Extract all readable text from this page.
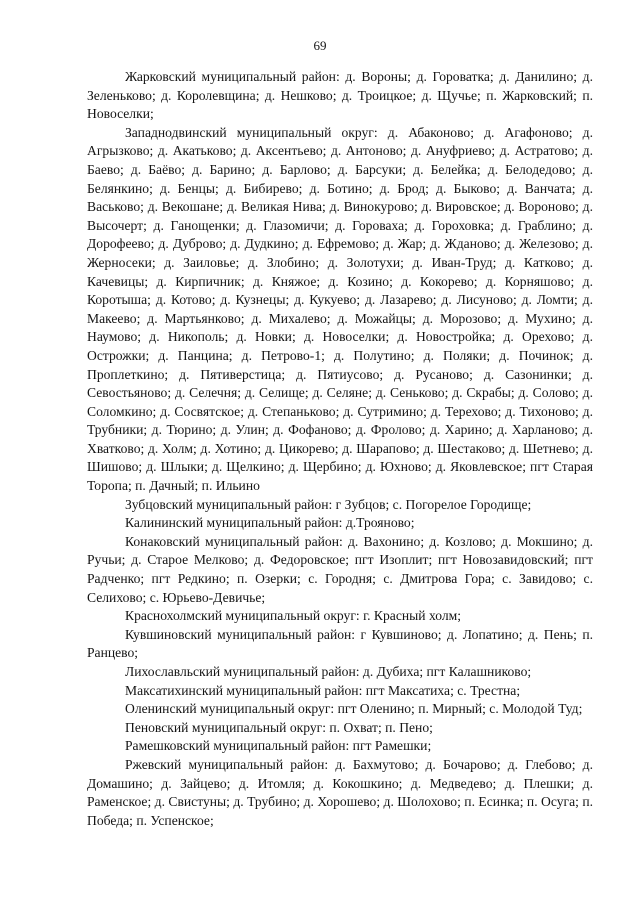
69

Жарковский муниципальный район: д. Вороны; д. Горoватка; д. Данилино; д. Зеленьково; д. Королевщина; д. Нешково; д. Троицкое; д. Щучье; п. Жарковский; п. Новоселки;

Западнодвинский муниципальный округ: д. Абаконово; д. Агафоново; д. Агрызково; д. Акатьково; д. Аксентьево; д. Антоново; д. Ануфриево; д. Астратово; д. Баево; д. Баёво; д. Барино; д. Барлово; д. Барсуки; д. Белейка; д. Белодедово; д. Белянкино; д. Бенцы; д. Бибирево; д. Ботино; д. Брод; д. Быково; д. Ванчата; д. Васьково; д. Векошане; д. Великая Нива; д. Винокурово; д. Вировское; д. Вороново; д. Высочерт; д. Ганощенки; д. Глазомичи; д. Гороваха; д. Гороховка; д. Граблино; д. Дорофеево; д. Дуброво; д. Дудкино; д. Ефремово; д. Жар; д. Жданово; д. Железово; д. Жерносеки; д. Заиловье; д. Злобино; д. Золотухи; д. Иван-Труд; д. Катково; д. Качевицы; д. Кирпичник; д. Княжое; д. Козино; д. Кокорево; д. Корняшово; д. Коротыша; д. Котово; д. Кузнецы; д. Кукуево; д. Лазарево; д. Лисуново; д. Ломти; д. Макеево; д. Мартьянково; д. Михалево; д. Можайцы; д. Морозово; д. Мухино; д. Наумово; д. Никополь; д. Новки; д. Новоселки; д. Новостройка; д. Орехово; д. Острожки; д. Панцина; д. Петрово-1; д. Полутино; д. Поляки; д. Починок; д. Проплеткино; д. Пятиверстица; д. Пятиусово; д. Русаново; д. Сазонинки; д. Севостьяново; д. Селечня; д. Селище; д. Селяне; д. Сеньково; д. Скрабы; д. Солово; д. Соломкино; д. Сосвятское; д. Степаньково; д. Сутримино; д. Терехово; д. Тихоново; д. Трубники; д. Тюрино; д. Улин; д. Фофаново; д. Фролово; д. Харино; д. Харланово; д. Хватково; д. Холм; д. Хотино; д. Цикорево; д. Шарапово; д. Шестаково; д. Шетнево; д. Шишово; д. Шлыки; д. Щелкино; д. Щербино; д. Юхново; д. Яковлевское; пгт Старая Торопа; п. Дачный; п. Ильино

Зубцовский муниципальный район: г Зубцов; с. Погорелое Городище;

Калининский муниципальный район: д.Трояново;

Конаковский муниципальный район: д. Вахонино; д. Козлово; д. Мокшино; д. Ручьи; д. Старое Мелково; д. Федоровское; пгт Изоплит; пгт Новозавидовский; пгт Радченко; пгт Редкино; п. Озерки; с. Городня; с. Дмитрова Гора; с. Завидово; с. Селихово; с. Юрьево-Девичье;

Краснохолмский муниципальный округ: г. Красный холм;

Кувшиновский муниципальный район: г Кувшиново; д. Лопатино; д. Пень; п. Ранцево;

Лихославльский муниципальный район: д. Дубиха; пгт Калашниково;

Максатихинский муниципальный район: пгт Максатиха; с. Трестна;

Оленинский муниципальный округ: пгт Оленино; п. Мирный; с. Молодой Туд;

Пеновский муниципальный округ: п. Охват; п. Пено;

Рамешковский муниципальный район: пгт Рамешки;

Ржевский муниципальный район: д. Бахмутово; д. Бочарово; д. Глебово; д. Домашино; д. Зайцево; д. Итомля; д. Кокошкино; д. Медведево; д. Плешки; д. Раменское; д. Свистуны; д. Трубино; д. Хорошево; д. Шолохово; п. Есинка; п. Осуга; п. Победа; п. Успенское;
